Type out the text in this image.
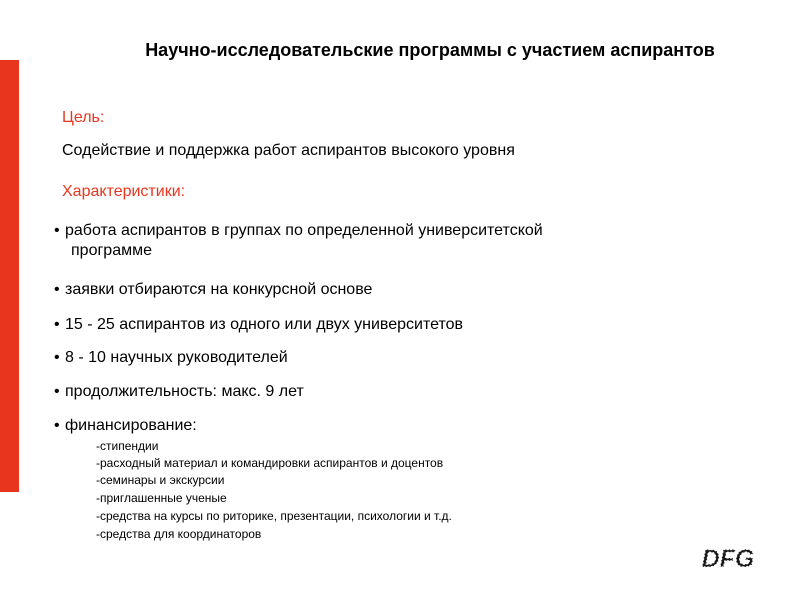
Научно-исследовательские программы с участием аспирантов
Цель:
Содействие и поддержка работ аспирантов высокого уровня
Характеристики:
• работа аспирантов в группах по определенной университетской
программе
• заявки отбираются на конкурсной основе
• 15 - 25 аспирантов из одного или двух университетов
• 8 - 10 научных руководителей
• продолжительность: макс. 9 лет
• финансирование:
-стипендии
-расходный материал и командировки аспирантов и доцентов
-семинары и экскурсии
-приглашенные ученые
-средства на курсы по риторике, презентации, психологии и т.д.
-средства для координаторов
DFG
